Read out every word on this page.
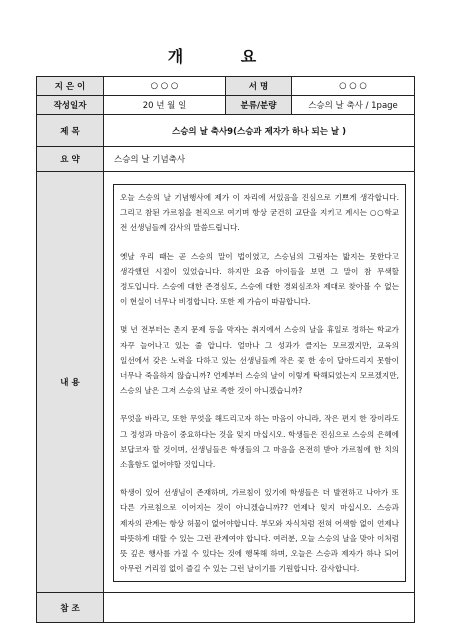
개 요
지 은 이	○ ○ ○	서 명	○ ○ ○
작성일자	20 년 월 일	분류/분량	스승의 날 축사 / 1page
제 목	스승의 날 축사9(스승과 제자가 하나 되는 날 )		
요 약	스승의 날 기념축사		
내 용	오늘 스승의 날 기념행사에 제가 이 자리에 서있음을 진심으로 기쁘게 생각합니다. 그리고 참된 가르침을 천직으로 여기며 항상 굳건히 교단을 지키고 계시는 ○○학교 전 선생님들께 감사의 말씀드립니다.

옛날 우리 때는 곧 스승의 말이 법이였고, 스승님의 그림자는 밟지는 못한다고 생각했던 시절이 있었습니다. 하지만 요즘 아이들을 보면 그 말이 참 무색할 정도입니다. 스승에 대한 존경심도, 스승에 대한 경외심조차 제대로 찾아볼 수 없는 이 현실이 너무나 비정합니다. 또한 제 가슴이 따끔합니다.

몇 년 전부터는 촌지 문제 등을 막자는 취지에서 스승의 날을 휴일로 정하는 학교가 자꾸 늘어나고 있는 줄 압니다. 얼마나 그 성과가 클지는 모르겠지만, 교육의 일선에서 갖은 노력을 다하고 있는 선생님들께 작은 꽃 한 송이 달아드리지 못함이 너무나 죽을하지 않습니까? 언제부터 스승의 날이 이렇게 탁해되었는지 모르겠지만, 스승의 날은 그저 스승의 날로 족한 것이 아니겠습니까?

무엇을 바라고, 또한 무엇을 해드리고자 하는 마음이 아니라, 작은 편지 한 장이라도 그 정성과 마음이 중요하다는 것을 잊지 마십시오. 학생들은 진심으로 스승의 은혜에 보답코자 할 것이며, 선생님들은 학생들의 그 마음을 온전히 받아 가르침에 한 치의 소홀함도 없어야할 것입니다.

학생이 있어 선생님이 존재하며, 가르침이 있기에 학생들은 더 발전하고 나아가 또 다른 가르침으로 이어지는 것이 아니겠습니까?? 언제나 잊지 마십시오. 스승과 제자의 관계는 항상 허물이 없어야합니다. 부모와 자식처럼 전혀 어색함 없이 언제나 따뜻하게 대할 수 있는 그런 관계여야 합니다. 여러분, 오늘 스승의 날을 맞아 이처럼 뜻 깊은 행사를 가질 수 있다는 것에 행복해 하며, 오늘은 스승과 제자가 하나 되어 아무런 거리낌 없이 즐길 수 있는 그런 날이기를 기원합니다. 감사합니다.		

참 조			
